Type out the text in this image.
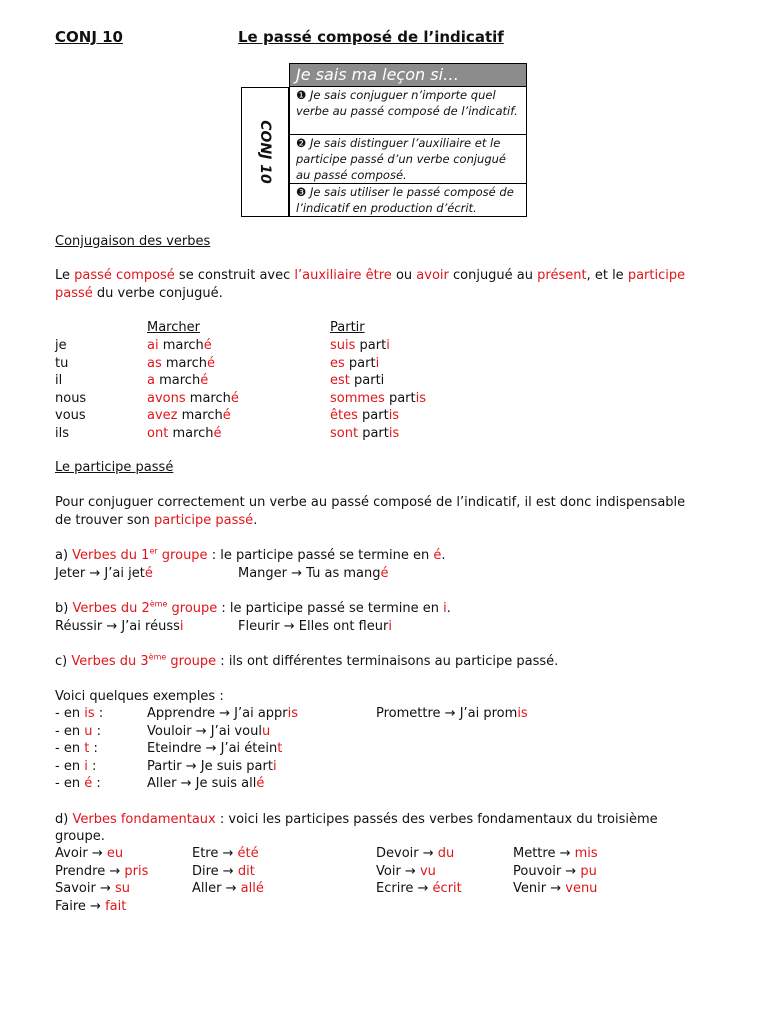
CONJ 10	Le passé composé de l’indicatif
CONJ 10
Je sais ma leçon si…
❶ Je sais conjuguer n’importe quel verbe au passé composé de l’indicatif.
❷ Je sais distinguer l’auxiliaire et le participe passé d’un verbe conjugué au passé composé.
❸ Je sais utiliser le passé composé de l’indicatif en production d’écrit.
Conjugaison des verbes
Le passé composé se construit avec l’auxiliaire être ou avoir conjugué au présent, et le participe
passé du verbe conjugué.
Marcher	Partir
je	ai marché	suis parti
tu	as marché	es parti
il	a marché	est parti
nous	avons marché	sommes partis
vous	avez marché	êtes partis
ils	ont marché	sont partis
Le participe passé
Pour conjuguer correctement un verbe au passé composé de l’indicatif, il est donc indispensable
de trouver son participe passé.
a) Verbes du 1er groupe : le participe passé se termine en é.
Jeter → J’ai jeté	Manger → Tu as mangé
b) Verbes du 2ème groupe : le participe passé se termine en i.
Réussir → J’ai réussi	Fleurir → Elles ont fleuri
c) Verbes du 3ème groupe : ils ont différentes terminaisons au participe passé.
Voici quelques exemples :
- en is :	Apprendre → J’ai appris	Promettre → J’ai promis
- en u :	Vouloir → J’ai voulu
- en t :	Eteindre → J’ai éteint
- en i :	Partir → Je suis parti
- en é :	Aller → Je suis allé
d) Verbes fondamentaux : voici les participes passés des verbes fondamentaux du troisième
groupe.
Avoir → eu	Etre → été	Devoir → du	Mettre → mis
Prendre → pris	Dire → dit	Voir → vu	Pouvoir → pu
Savoir → su	Aller → allé	Ecrire → écrit	Venir → venu
Faire → fait
